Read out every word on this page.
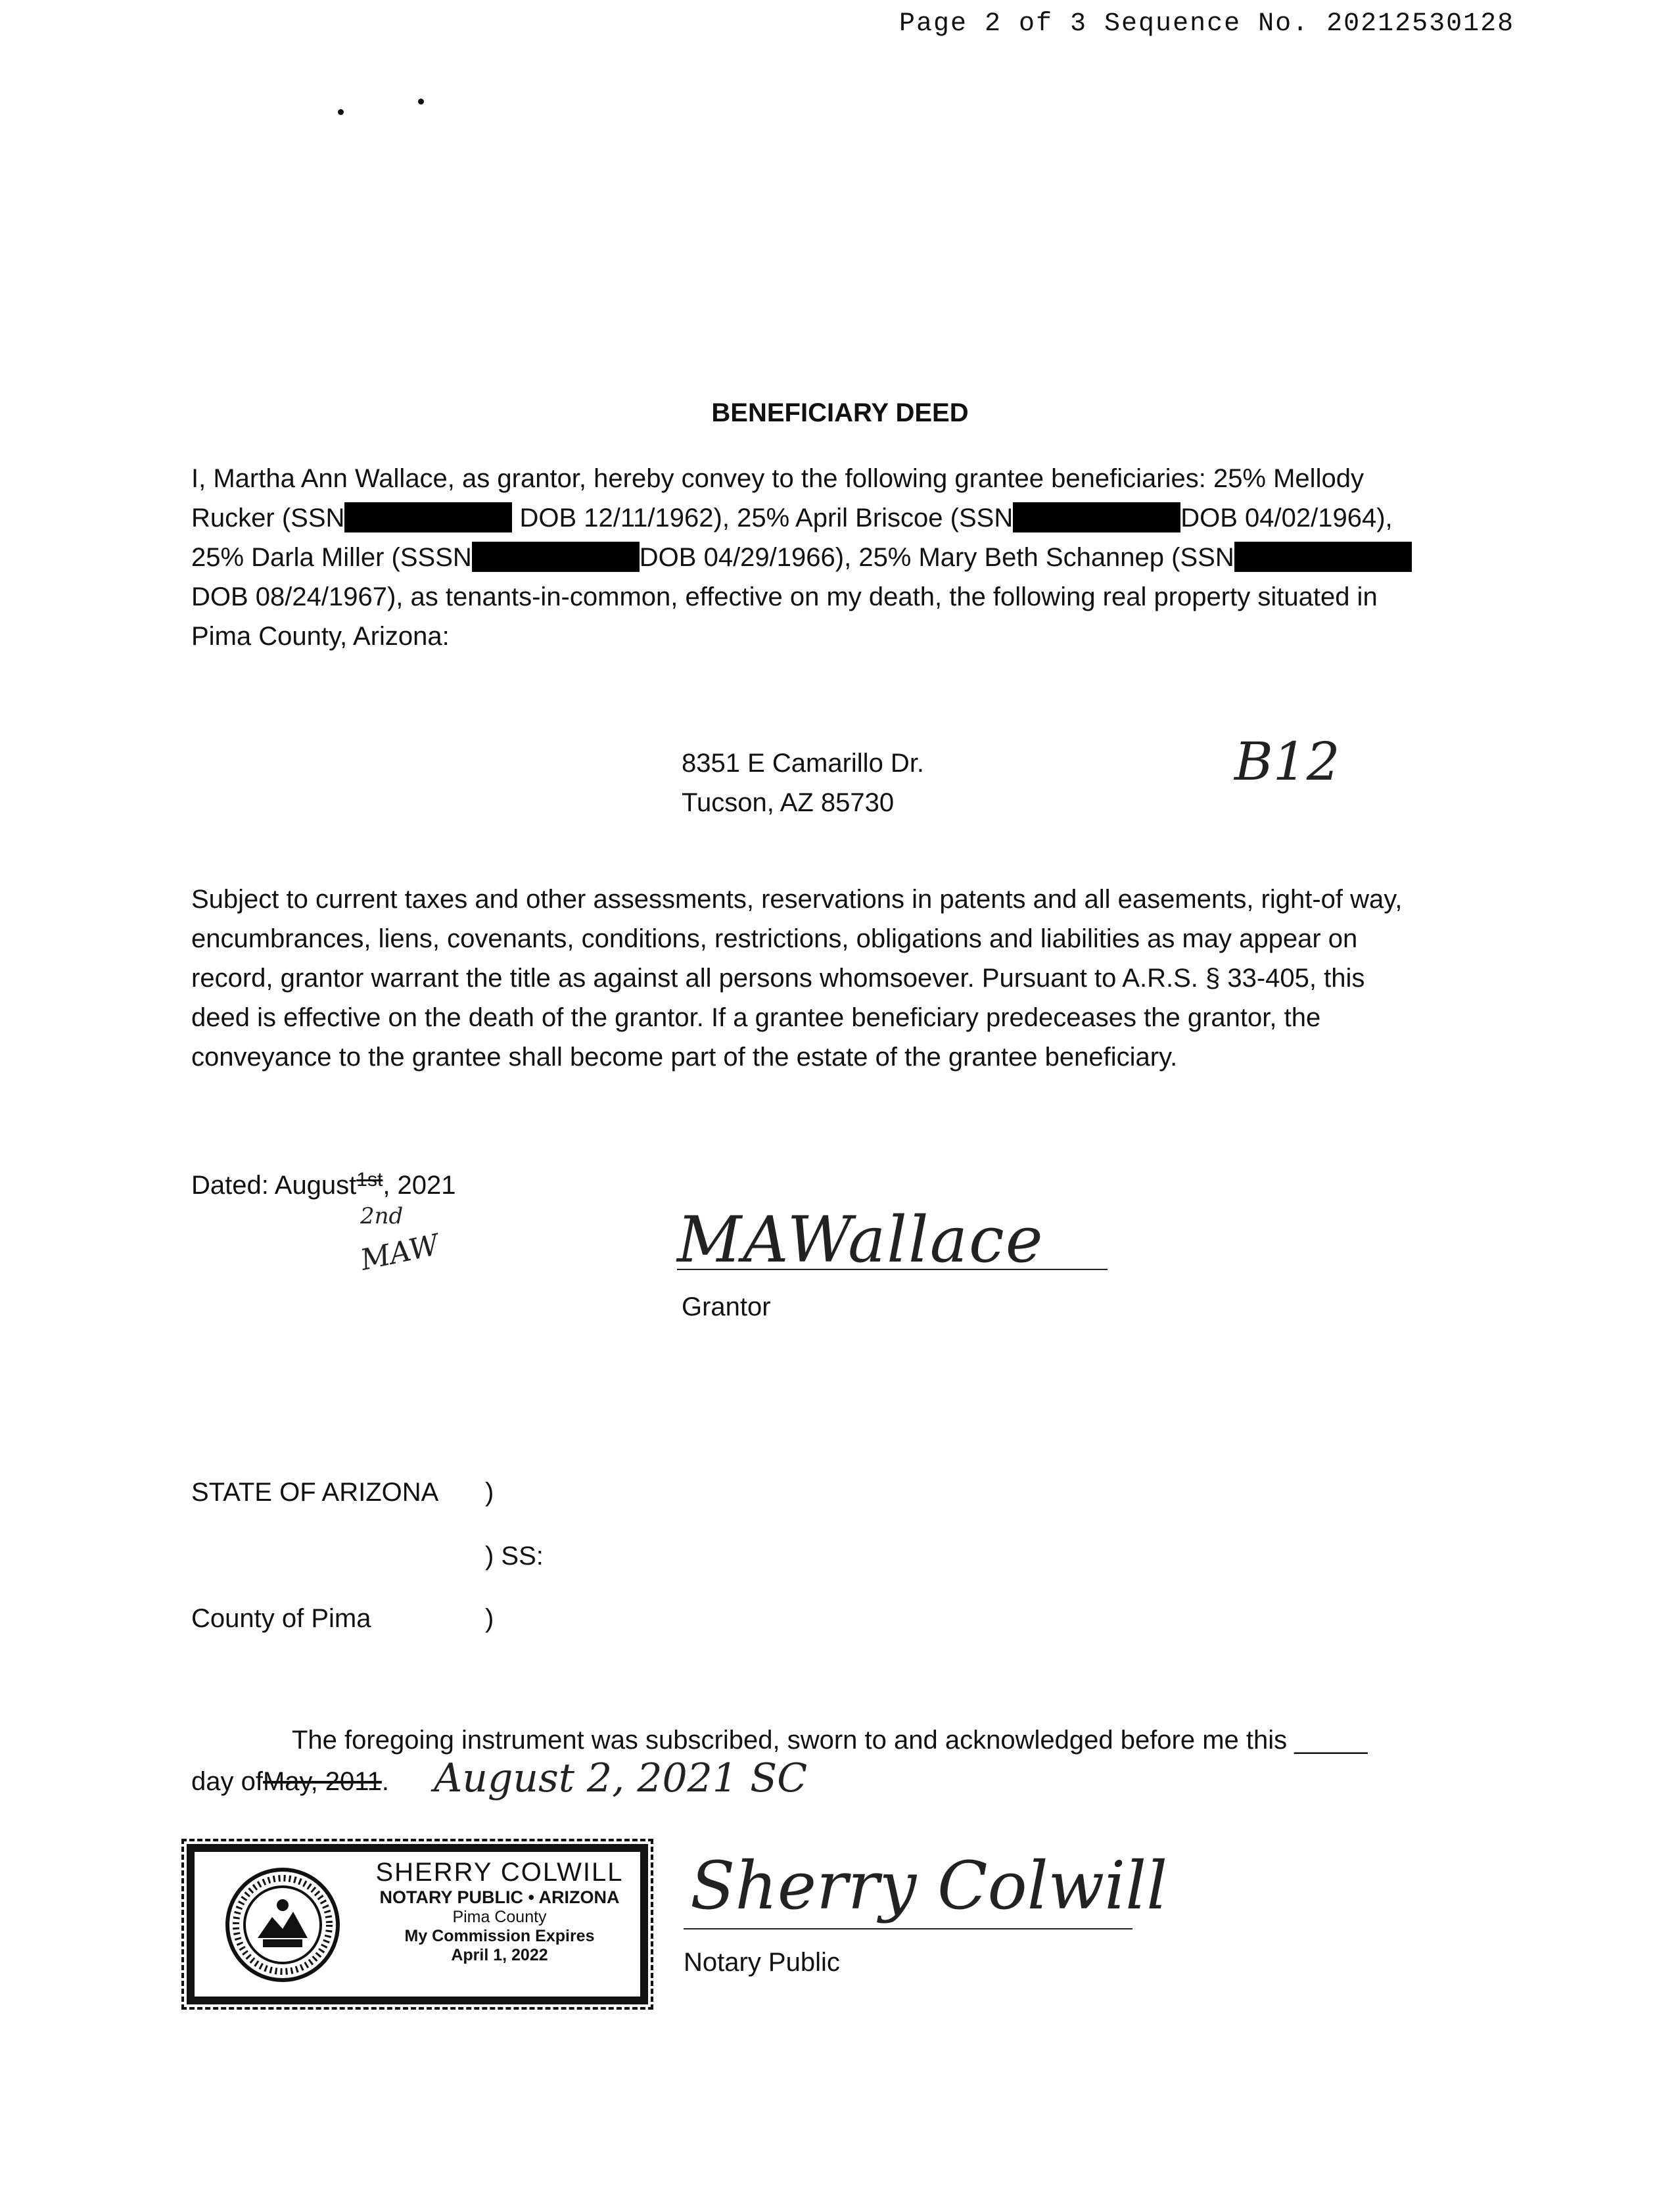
Page 2 of 3 Sequence No. 20212530128
BENEFICIARY DEED
I, Martha Ann Wallace, as grantor, hereby convey to the following grantee beneficiaries: 25% Mellody
Rucker (SSN	DOB 12/11/1962), 25% April Briscoe (SSN	DOB 04/02/1964),
25% Darla Miller (SSSN	DOB 04/29/1966), 25% Mary Beth Schannep (SSN
DOB 08/24/1967), as tenants-in-common, effective on my death, the following real property situated in
Pima County, Arizona:
8351 E Camarillo Dr.
Tucson, AZ 85730
B12
Subject to current taxes and other assessments, reservations in patents and all easements, right-of way,
encumbrances, liens, covenants, conditions, restrictions, obligations and liabilities as may appear on
record, grantor warrant the title as against all persons whomsoever. Pursuant to A.R.S. § 33-405, this
deed is effective on the death of the grantor. If a grantee beneficiary predeceases the grantor, the
conveyance to the grantee shall become part of the estate of the grantee beneficiary.
Dated: August$^{1st}$, 2021
2nd
MAW	MAWallace
Grantor
STATE OF ARIZONA )
) SS:
County of Pima	)
The foregoing instrument was subscribed, sworn to and acknowledged before me this _____
day ofMay, 2011. August 2, 2021 SC
SHERRY COLWILL
NOTARY PUBLIC • ARIZONA
Pima County
My Commission Expires
April 1, 2022
Sherry Colwill
Notary Public
